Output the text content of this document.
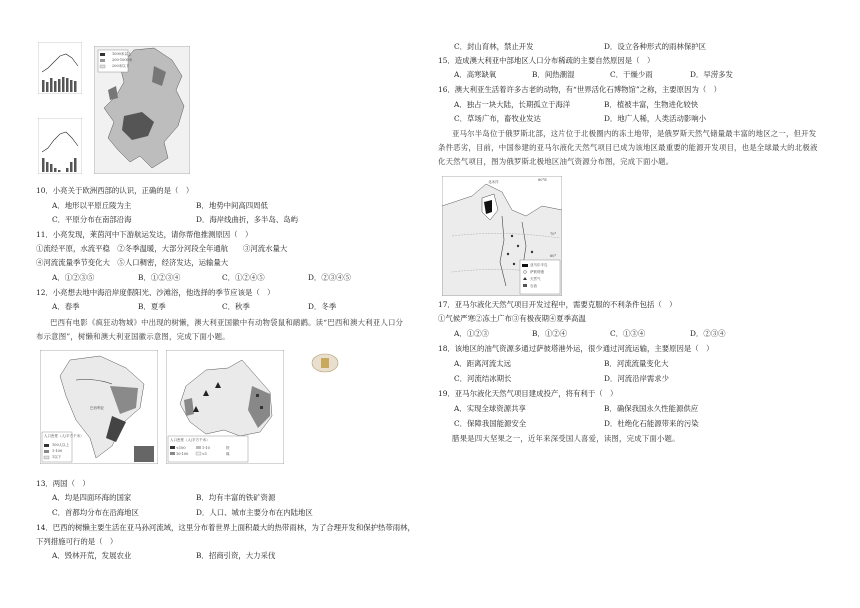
1000米以上
200-1000米
200米以下
10．小亮关于欧洲西部的认识，正确的是（　）
A．地形以平原丘陵为主	B．地势中间高四周低
C．平原分布在南部沿海	D．海岸线曲折，多半岛、岛屿
11．小亮发现，莱茵河中下游航运发达，请你帮他推测原因（　）
①流经平原，水流平稳　②冬季温暖，大部分河段全年通航　　③河流水量大
④河流流量季节变化大　⑤人口稠密，经济发达，运输量大
A．①②③⑤	B．①②③④	C．①②④⑤	D．②③④⑤
12．小亮想去地中海沿岸度假阳光、沙滩浴，他选择的季节应该是（　）
A．春季	B．夏季	C．秋季	D．冬季
巴西有电影《疯狂动物城》中出现的树懒，澳大利亚国徽中有动物袋鼠和鸸鹋。读“巴西和澳大利亚人口分
布示意图”，树懒和澳大利亚国徽示意图，完成下面小题。
巴西利亚
人口密度（人/平方千米）
100人以上
1-100
1以下
人口密度（人/平方千米）
<100
10-100
1-10
<1
铁
煤
13．两国（　）
A．均是四面环海的国家	B．均有丰富的铁矿资源
C．首都均分布在沿海地区	D．人口、城市主要分布在内陆地区
14．巴西的树懒主要生活在亚马孙河流域，这里分布着世界上面积最大的热带雨林，为了合理开发和保护热带雨林，
下列措施可行的是（　）
A．毁林开荒，发展农业	B．招商引资，大力采伐
C．封山育林，禁止开发	D．设立各种形式的雨林保护区
15．造成澳大利亚中部地区人口分布稀疏的主要自然原因是（　）
A．高寒缺氧	B．间热潮湿	C．干燥少雨	D．早涝多发
16．澳大利亚生活着许多古老的动物，有“世界活化石博物馆”之称，主要原因为（　）
A．独占一块大陆，长期孤立于海洋	B．植被丰富，生物进化较快
C．草场广布，畜牧业发达	D．地广人稀，人类活动影响小
亚马尔半岛位于俄罗斯北部，这片位于北极圈内的冻土地带，是俄罗斯天然气储量最丰富的地区之一，但开发
条件恶劣，目前，中国参建的亚马尔液化天然气项目已成为该地区最重要的能源开发项目，也是全球最大的北极液
化天然气项目，图为俄罗斯北极地区油气资源分布图，完成下面小题。
北冰洋
亚马尔半岛
萨彼塔港
天然气
石油
70°
60°
80°E
17．亚马尔液化天然气项目开发过程中，需要克服的不利条件包括（　）
①气候严寒②冻土广布③有极夜期④夏季高温
A．①②③	B．①②④	C．①③④	D．②③④
18．该地区的油气资源多通过萨彼塔港外运，很少通过河流运输，主要原因是（　）
A．距离河流太远	B．河流流量变化大
C．河流结冰期长	D．河流沿岸需求少
19．亚马尔液化天然气项目建成投产，将有利于（　）
A．实现全球资源共享	B．确保我国永久性能源供应
C．保障我国能源安全	D．杜绝化石能源带来的污染
腊果是四大坚果之一，近年来深受国人喜爱，读图，完成下面小题。
